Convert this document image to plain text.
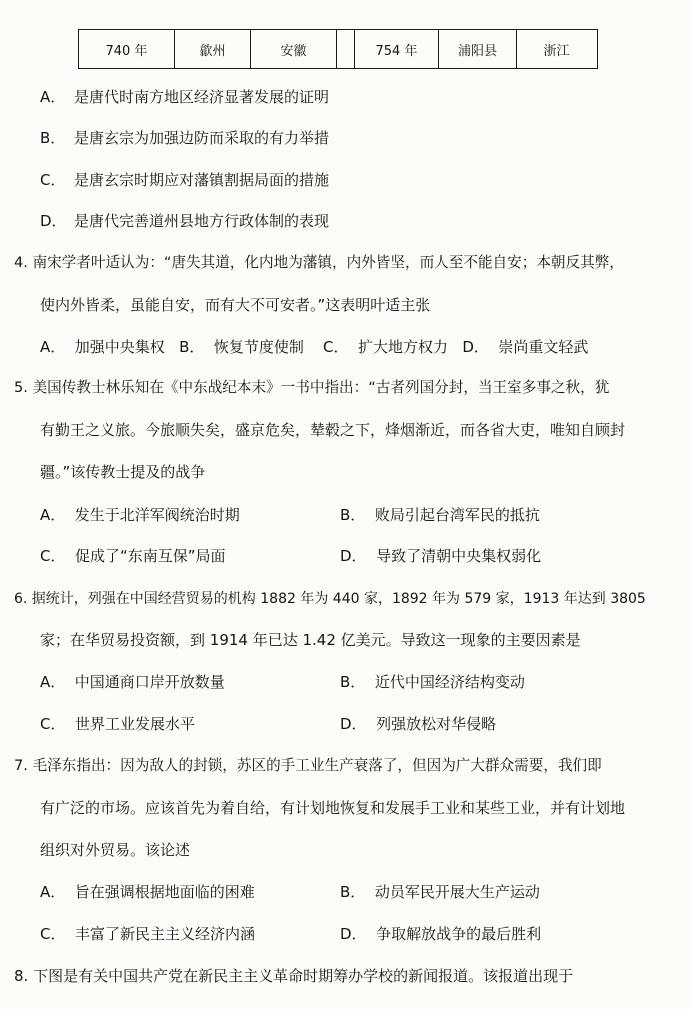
740 年	歙州	安徽	754 年	浦阳县	浙江
A． 是唐代时南方地区经济显著发展的证明
B． 是唐玄宗为加强边防而采取的有力举措
C． 是唐玄宗时期应对藩镇割据局面的措施
D． 是唐代完善道州县地方行政体制的表现
4. 南宋学者叶适认为：“唐失其道，化内地为藩镇，内外皆坚，而人至不能自安；本朝反其弊，
使内外皆柔，虽能自安，而有大不可安者。”这表明叶适主张
A．  加强中央集权   B．  恢复节度使制    C．  扩大地方权力   D．  崇尚重文轻武
5. 美国传教士林乐知在《中东战纪本末》一书中指出：“古者列国分封，当王室多事之秋，犹
有勤王之义旅。今旅顺失矣，盛京危矣，辇毂之下，烽烟渐近，而各省大吏，唯知自顾封
疆。”该传教士提及的战争
A．  发生于北洋军阀统治时期	B．  败局引起台湾军民的抵抗
C．  促成了“东南互保”局面	D．  导致了清朝中央集权弱化
6. 据统计，列强在中国经营贸易的机构 1882 年为 440 家，1892 年为 579 家，1913 年达到 3805
家；在华贸易投资额，到 1914 年已达 1.42 亿美元。导致这一现象的主要因素是
A．  中国通商口岸开放数量	B．  近代中国经济结构变动
C．  世界工业发展水平	D．  列强放松对华侵略
7. 毛泽东指出：因为敌人的封锁，苏区的手工业生产衰落了，但因为广大群众需要，我们即
有广泛的市场。应该首先为着自给，有计划地恢复和发展手工业和某些工业，并有计划地
组织对外贸易。该论述
A．  旨在强调根据地面临的困难	B．  动员军民开展大生产运动
C．  丰富了新民主主义经济内涵	D．  争取解放战争的最后胜利
8. 下图是有关中国共产党在新民主主义革命时期筹办学校的新闻报道。该报道出现于
